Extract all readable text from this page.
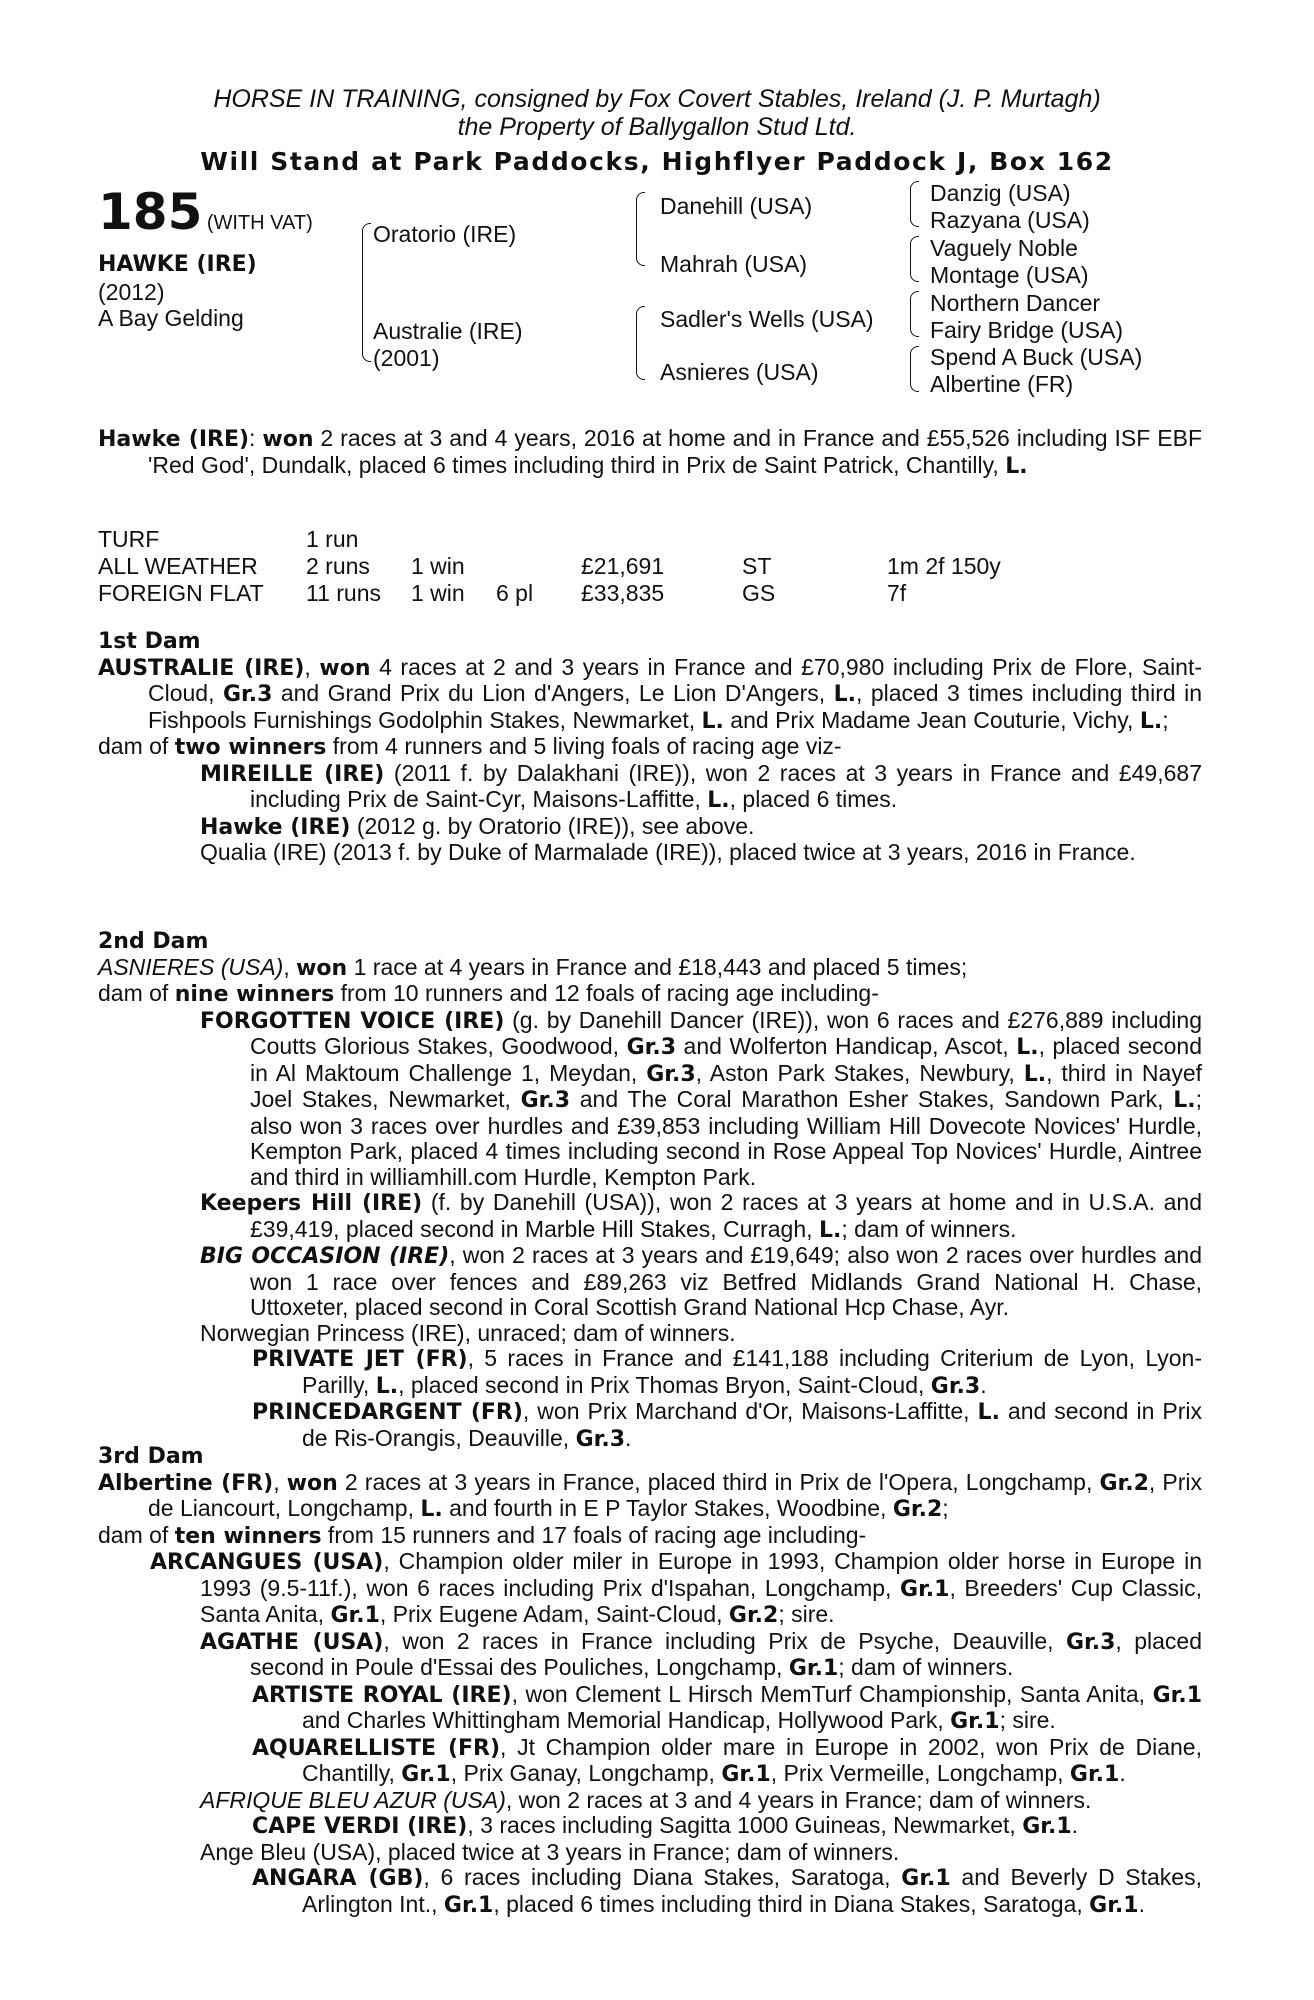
HORSE IN TRAINING, consigned by Fox Covert Stables, Ireland (J. P. Murtagh)
the Property of Ballygallon Stud Ltd.
Will Stand at Park Paddocks, Highflyer Paddock J, Box 162
185 (WITH VAT)
HAWKE (IRE)
(2012)
A Bay Gelding
Oratorio (IRE)
Australie (IRE)
(2001)
Danehill (USA)
Mahrah (USA)
Sadler's Wells (USA)
Asnieres (USA)
Danzig (USA)
Razyana (USA)
Vaguely Noble
Montage (USA)
Northern Dancer
Fairy Bridge (USA)
Spend A Buck (USA)
Albertine (FR)

Hawke (IRE): won 2 races at 3 and 4 years, 2016 at home and in France and £55,526 including ISF EBF 'Red God', Dundalk, placed 6 times including third in Prix de Saint Patrick, Chantilly, L.

TURF	1 run					
ALL WEATHER	2 runs	1 win		£21,691	ST	1m 2f 150y
FOREIGN FLAT	11 runs	1 win	6 pl	£33,835	GS	7f

1st Dam

AUSTRALIE (IRE), won 4 races at 2 and 3 years in France and £70,980 including Prix de Flore, Saint-Cloud, Gr.3 and Grand Prix du Lion d'Angers, Le Lion D'Angers, L., placed 3 times including third in Fishpools Furnishings Godolphin Stakes, Newmarket, L. and Prix Madame Jean Couturie, Vichy, L.;

dam of two winners from 4 runners and 5 living foals of racing age viz-

MIREILLE (IRE) (2011 f. by Dalakhani (IRE)), won 2 races at 3 years in France and £49,687 including Prix de Saint-Cyr, Maisons-Laffitte, L., placed 6 times.

Hawke (IRE) (2012 g. by Oratorio (IRE)), see above.

Qualia (IRE) (2013 f. by Duke of Marmalade (IRE)), placed twice at 3 years, 2016 in France.

2nd Dam

ASNIERES (USA), won 1 race at 4 years in France and £18,443 and placed 5 times;

dam of nine winners from 10 runners and 12 foals of racing age including-

FORGOTTEN VOICE (IRE) (g. by Danehill Dancer (IRE)), won 6 races and £276,889 including Coutts Glorious Stakes, Goodwood, Gr.3 and Wolferton Handicap, Ascot, L., placed second in Al Maktoum Challenge 1, Meydan, Gr.3, Aston Park Stakes, Newbury, L., third in Nayef Joel Stakes, Newmarket, Gr.3 and The Coral Marathon Esher Stakes, Sandown Park, L.; also won 3 races over hurdles and £39,853 including William Hill Dovecote Novices' Hurdle, Kempton Park, placed 4 times including second in Rose Appeal Top Novices' Hurdle, Aintree and third in williamhill.com Hurdle, Kempton Park.

Keepers Hill (IRE) (f. by Danehill (USA)), won 2 races at 3 years at home and in U.S.A. and £39,419, placed second in Marble Hill Stakes, Curragh, L.; dam of winners.

BIG OCCASION (IRE), won 2 races at 3 years and £19,649; also won 2 races over hurdles and won 1 race over fences and £89,263 viz Betfred Midlands Grand National H. Chase, Uttoxeter, placed second in Coral Scottish Grand National Hcp Chase, Ayr.

Norwegian Princess (IRE), unraced; dam of winners.

PRIVATE JET (FR), 5 races in France and £141,188 including Criterium de Lyon, Lyon-Parilly, L., placed second in Prix Thomas Bryon, Saint-Cloud, Gr.3.

PRINCEDARGENT (FR), won Prix Marchand d'Or, Maisons-Laffitte, L. and second in Prix de Ris-Orangis, Deauville, Gr.3.

3rd Dam

Albertine (FR), won 2 races at 3 years in France, placed third in Prix de l'Opera, Longchamp, Gr.2, Prix de Liancourt, Longchamp, L. and fourth in E P Taylor Stakes, Woodbine, Gr.2;

dam of ten winners from 15 runners and 17 foals of racing age including-

ARCANGUES (USA), Champion older miler in Europe in 1993, Champion older horse in Europe in 1993 (9.5-11f.), won 6 races including Prix d'Ispahan, Longchamp, Gr.1, Breeders' Cup Classic, Santa Anita, Gr.1, Prix Eugene Adam, Saint-Cloud, Gr.2; sire.

AGATHE (USA), won 2 races in France including Prix de Psyche, Deauville, Gr.3, placed second in Poule d'Essai des Pouliches, Longchamp, Gr.1; dam of winners.

ARTISTE ROYAL (IRE), won Clement L Hirsch MemTurf Championship, Santa Anita, Gr.1 and Charles Whittingham Memorial Handicap, Hollywood Park, Gr.1; sire.

AQUARELLISTE (FR), Jt Champion older mare in Europe in 2002, won Prix de Diane, Chantilly, Gr.1, Prix Ganay, Longchamp, Gr.1, Prix Vermeille, Longchamp, Gr.1.

AFRIQUE BLEU AZUR (USA), won 2 races at 3 and 4 years in France; dam of winners.

CAPE VERDI (IRE), 3 races including Sagitta 1000 Guineas, Newmarket, Gr.1.

Ange Bleu (USA), placed twice at 3 years in France; dam of winners.

ANGARA (GB), 6 races including Diana Stakes, Saratoga, Gr.1 and Beverly D Stakes, Arlington Int., Gr.1, placed 6 times including third in Diana Stakes, Saratoga, Gr.1.
